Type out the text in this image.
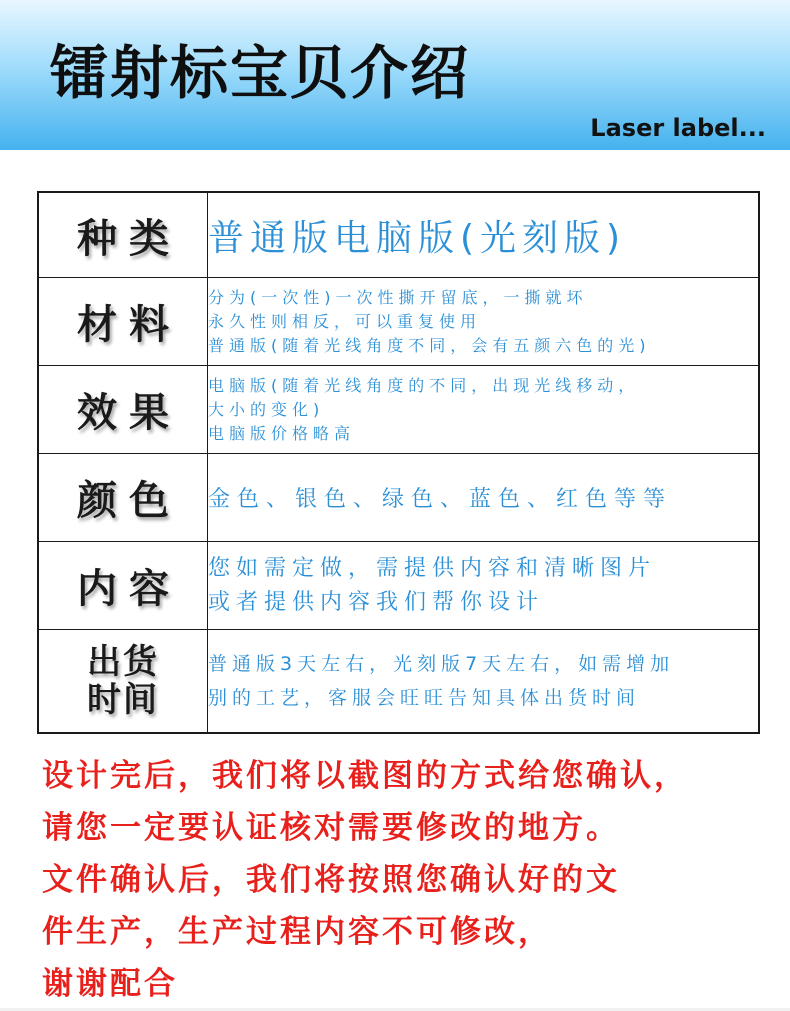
镭射标宝贝介绍
Laser label...
种类	普通版电脑版(光刻版)

材料	分为(一次性)一次性撕开留底，一撕就坏
永久性则相反，可以重复使用
普通版(随着光线角度不同，会有五颜六色的光)

效果	电脑版(随着光线角度的不同，出现光线移动，
大小的变化)
电脑版价格略高

颜色	金色、银色、绿色、蓝色、红色等等

内容	您如需定做，需提供内容和清晰图片
或者提供内容我们帮你设计

出货
时间	普通版3天左右，光刻版7天左右，如需增加
别的工艺，客服会旺旺告知具体出货时间
设计完后，我们将以截图的方式给您确认，
请您一定要认证核对需要修改的地方。
文件确认后，我们将按照您确认好的文
件生产，生产过程内容不可修改，
谢谢配合
